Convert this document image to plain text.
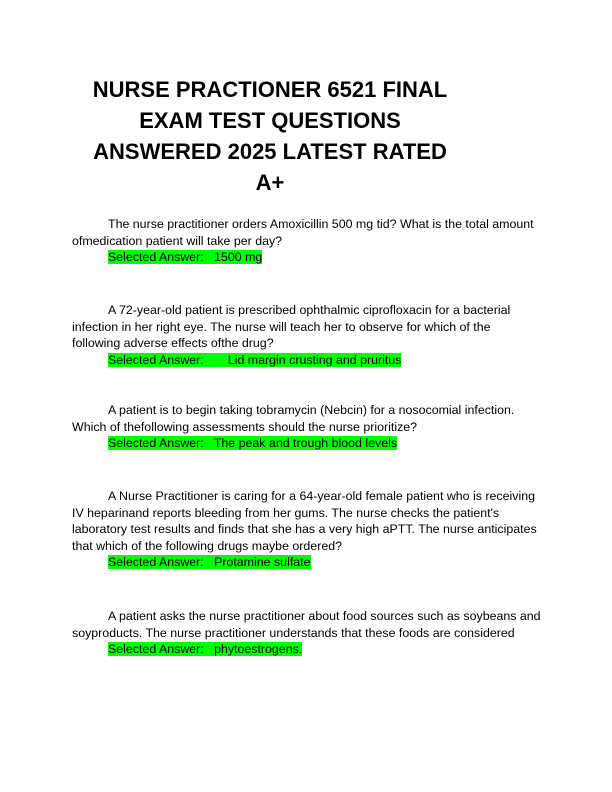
NURSE PRACTIONER 6521 FINAL
EXAM TEST QUESTIONS
ANSWERED 2025 LATEST RATED
A+

The nurse practitioner orders Amoxicillin 500 mg tid? What is the total amount ofmedication patient will take per day?

Selected Answer:   1500 mg

A 72-year-old patient is prescribed ophthalmic ciprofloxacin for a bacterial infection in her right eye. The nurse will teach her to observe for which of the following adverse effects ofthe drug?

Selected Answer:       Lid margin crusting and pruritus

A patient is to begin taking tobramycin (Nebcin) for a nosocomial infection. Which of thefollowing assessments should the nurse prioritize?

Selected Answer:   The peak and trough blood levels

A Nurse Practitioner is caring for a 64-year-old female patient who is receiving IV heparinand reports bleeding from her gums. The nurse checks the patient's laboratory test results and finds that she has a very high aPTT. The nurse anticipates that which of the following drugs maybe ordered?

Selected Answer:   Protamine sulfate

A patient asks the nurse practitioner about food sources such as soybeans and soyproducts. The nurse practitioner understands that these foods are considered

Selected Answer:   phytoestrogens.
